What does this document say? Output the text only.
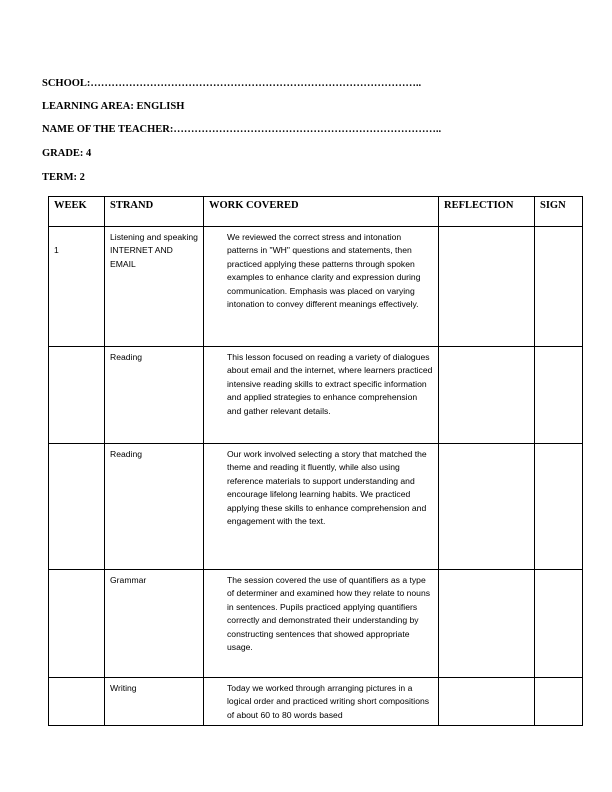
SCHOOL:…………………………………………………………………………………..
LEARNING AREA: ENGLISH
NAME OF THE TEACHER:…………………………………………………………………..
GRADE: 4
TERM: 2
WEEK	STRAND	WORK COVERED	REFLECTION	SIGN
1	Listening and speaking INTERNET AND EMAIL	We reviewed the correct stress and intonation patterns in "WH" questions and statements, then practiced applying these patterns through spoken examples to enhance clarity and expression during communication. Emphasis was placed on varying intonation to convey different meanings effectively.		
	Reading	This lesson focused on reading a variety of dialogues about email and the internet, where learners practiced intensive reading skills to extract specific information and applied strategies to enhance comprehension and gather relevant details.		
	Reading	Our work involved selecting a story that matched the theme and reading it fluently, while also using reference materials to support understanding and encourage lifelong learning habits. We practiced applying these skills to enhance comprehension and engagement with the text.		
	Grammar	The session covered the use of quantifiers as a type of determiner and examined how they relate to nouns in sentences. Pupils practiced applying quantifiers correctly and demonstrated their understanding by constructing sentences that showed appropriate usage.		
	Writing	Today we worked through arranging pictures in a logical order and practiced writing short compositions of about 60 to 80 words based		
